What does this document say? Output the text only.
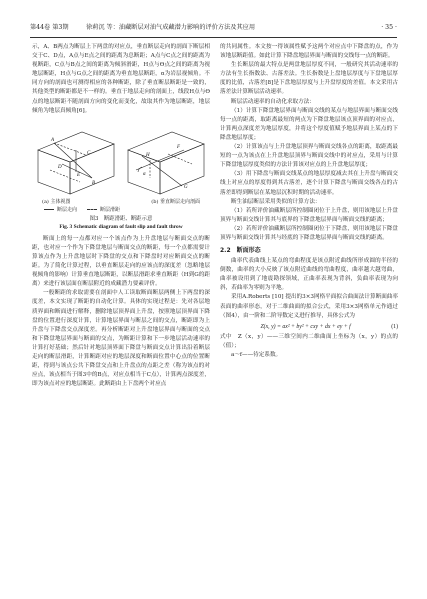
第44卷 第3期	徐莉沉 等：油藏断层对油气成藏潜力影响的评价方法及其应用	· 35 ·

示，A、B两点为断层上下两盘的对应点，垂直断层走向的剖面下断层相交于C、D点，A点与E点之间的距离为总断距；A点与C点之间的距离为视断距，C点与B点之间的距离为倾斜滑距，H点与Ө点之间的距离为视地层断距，H点与G点之间的距离为垂直地层断距，α为岩层视倾角。不同方向的剖面也可测得相应的各种断距，除了垂直断层断距是一致的，其他类型的断距都是不一样的。垂直于地层走向的剖面上，线段H点与Ө点的地层断距不随剖面方向的变化而变化，故取其作为地层断距，地层倾角为地层真倾角[6]。

A
B
C
D
E
F
G
H
α
(a) 主体视图	(b) 垂直断层走向剖面
断层走向	断层滑距
图3　断距滑距、断距示意
Fig. 3 Schematic diagram of fault slip and fault throw

断面上的每一点都对应一个该点作为上升盘地层与断面交点的断距，也对应一个作为下降盘地层与断面交点的断距，每一个点都需要计算该点作为上升盘地层时下降盘的交点和下降盘时对应断面交点的断距。为了简化计算过程，以垂直断层走向的应该点的深度差（忽略地层视倾角的影响）计算垂直地层断距，以断层滑距求垂直断距（H到G的距离）来进行该层面在断层附近的成藏潜力要素评价。

一般断距的求取需要在剖面中人工读取断面断层两侧上下两盘的深度差，本文实现了断距的自动化计算。具体的实现过程是：先对各层地质界面和断面进行解释，删除地层顶界面上升盘，按照地层顶界面下降盘的位置进行深度计算，计算地层界面与断层之间的交点，断距即为上升盘与下降盘交点深度差。再分析断距对上升盘地层界面与断面的交点和下降盘地层界面与断面的交点，为断距计算和下一步地层活动速率的计算打好基础；然后针对地层顶界面下降盘与断面交点计算出沿着断层走向的断层滑距，计算断距对应的地层深度和断面位置中心点的位置断距，得到与该点公共下降盘交点和上升盘点的点距之差（称为该点的对应点，该点相当于图3中的B点，对应点相当于C点），计算两点深度差，即为该点对应的地层断距。此断距由上下盘两个对应点

的共同属性。本文按一得该属性赋予这两个对应点中下降盘的点，作为该地层断距值。如此计算下降盘地层界面与断面的交线每一点的断距。

生长断层的最大特点是两盘地层厚度不同，一般研究其活动速率的方法有生长指数法、古落差法。生长指数是上盘地层厚度与下盘地层厚度的比值，古落差[8]是下盘地层厚度与上升盘厚度的差值。本文采用古落差法计算断层活动速率。

断层活动速率的自动化求取方法：

（1）计算下降盘地层界面与断面交线的某点与地层界面与断面交线每一点的距离，取距离最短的两点为下降盘地层该点顶界面的对应点，计算两点深度差为地层厚度，并将这个厚度值赋予地层界面上某点的下降盘地层厚度；

（2）计算该点与上升盘地层顶界与断面交线各点的距离，取距离最短的一点为该点在上升盘地层顶界与断面交线中的对应点，采用与计算下降盘地层厚度类似的方法计算该对应点的上升盘地层厚度；

（3）用下降盘与断面交线某点的地层厚度减去其在上升盘与断面交线上对应点的厚度得到其古落差，逐个计算下降盘与断面交线各点的古落差即得到断层在某地层沉积时期的活动速率。

断生油层断层采用类似的计算方法：

（1）若所评价油藏断层所控制圈闭位于上升盘，则用该地层上升盘顶界与断面交线计算其与底界的下降盘地层界面与断面交线的距离；

（2）若所评价油藏断层所控制圈闭位于下降盘，则用该地层下降盘顶界与断面交线计算其与经底的下降盘地层界面与断面交线的距离。

2.2　断面形态

曲率代表曲线上某点的弯曲程度是该点附近曲线所形成圆的半径的倒数，曲率的大小反映了该点附近曲线的弯曲程度，曲率越大越弯曲，曲率被设用到了地震勘探领域，正曲率表现为背斜，负曲率表现为向斜，若曲率为零则为平地。

采用A.Roberts [10] 提出的3×3网格平面拟合曲面法计算断面曲率表面的曲率形态，对于二维曲面的拟合公式，采用3×3网格单元作通过（图4），由一阶和二阶导数定义进行推导，具体公式为

Z(x, y) = ax² + by² + cxy + dx + ey + f	(1)

式中　Z（x，y）——三维空间内二维曲面上坐标为（x，y）的点的（值）；

a～f——待定系数。
